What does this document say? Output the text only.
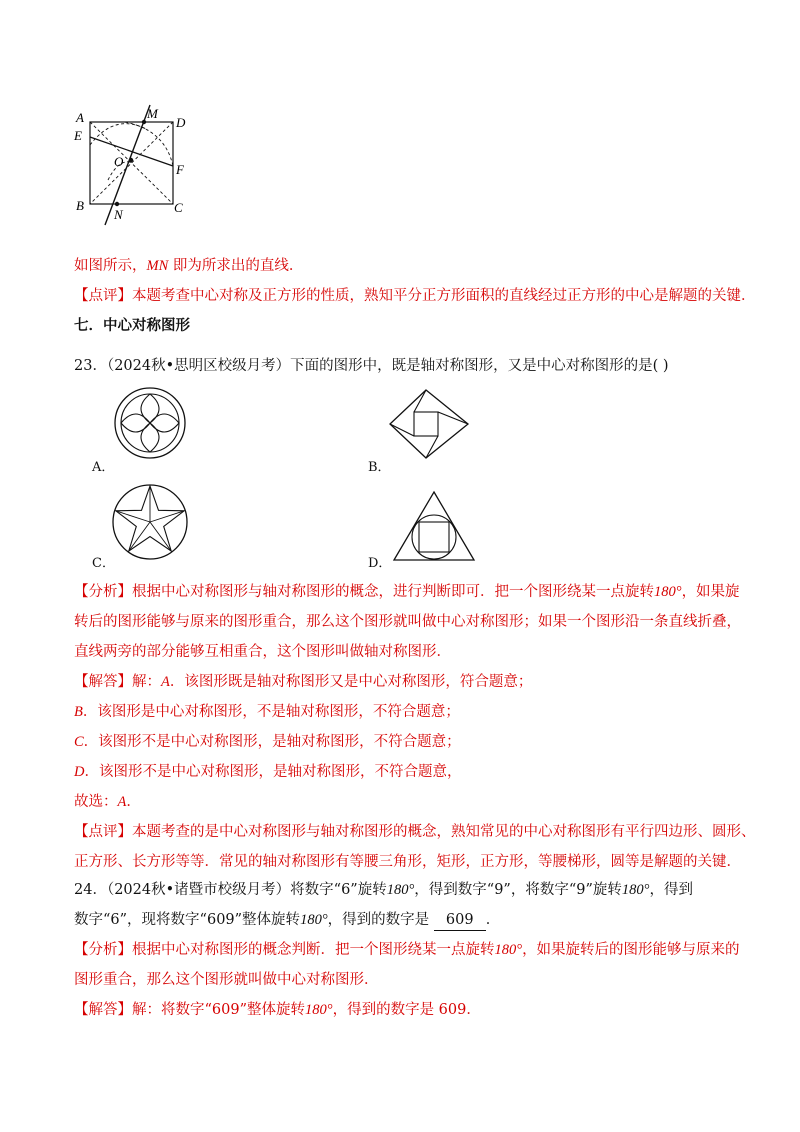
A	M
D
E
O
F
B
N	C
如图所示，MN 即为所求出的直线．
【点评】本题考查中心对称及正方形的性质，熟知平分正方形面积的直线经过正方形的中心是解题的关键．
七．中心对称图形
23．（2024秋•思明区校级月考）下面的图形中，既是轴对称图形，又是中心对称图形的是( )
A．	B．
C．	D．
【分析】根据中心对称图形与轴对称图形的概念，进行判断即可．把一个图形绕某一点旋转180°，如果旋
转后的图形能够与原来的图形重合，那么这个图形就叫做中心对称图形；如果一个图形沿一条直线折叠，
直线两旁的部分能够互相重合，这个图形叫做轴对称图形．
【解答】解：A．该图形既是轴对称图形又是中心对称图形，符合题意；
B．该图形是中心对称图形，不是轴对称图形，不符合题意；
C．该图形不是中心对称图形，是轴对称图形，不符合题意；
D．该图形不是中心对称图形，是轴对称图形，不符合题意，
故选：A．
【点评】本题考查的是中心对称图形与轴对称图形的概念，熟知常见的中心对称图形有平行四边形、圆形、
正方形、长方形等等．常见的轴对称图形有等腰三角形，矩形，正方形，等腰梯形，圆等是解题的关键．
24．（2024秋•诸暨市校级月考）将数字“6”旋转180°，得到数字“9”，将数字“9”旋转180°，得到
数字“6”，现将数字“609”整体旋转180°，得到的数字是 609 ．
【分析】根据中心对称图形的概念判断．把一个图形绕某一点旋转180°，如果旋转后的图形能够与原来的
图形重合，那么这个图形就叫做中心对称图形．
【解答】解：将数字“609”整体旋转180°，得到的数字是 609．
